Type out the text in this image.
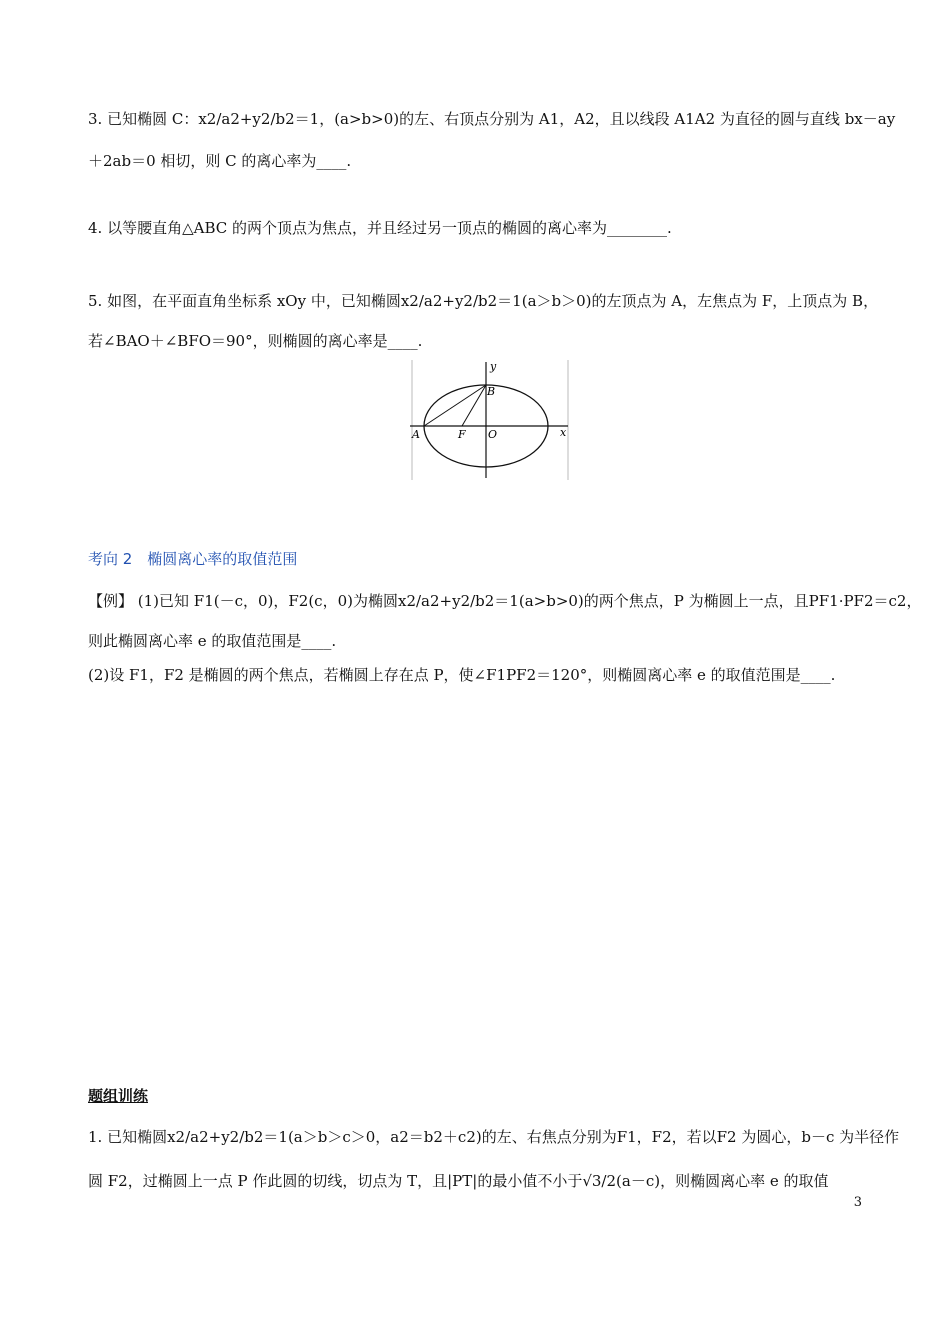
3. 已知椭圆 C：x2/a2+y2/b2＝1，(a>b>0)的左、右顶点分别为 A1，A2，且以线段 A1A2 为直径的圆与直线 bx－ay
＋2ab＝0 相切，则 C 的离心率为____.
4. 以等腰直角△ABC 的两个顶点为焦点，并且经过另一顶点的椭圆的离心率为________.
5. 如图，在平面直角坐标系 xOy 中，已知椭圆x2/a2+y2/b2＝1(a＞b＞0)的左顶点为 A，左焦点为 F，上顶点为 B，
若∠BAO＋∠BFO＝90°，则椭圆的离心率是____.
y
x
A	F O
B
考向 2　椭圆离心率的取值范围
【例】 (1)已知 F1(－c，0)，F2(c，0)为椭圆x2/a2+y2/b2＝1(a>b>0)的两个焦点，P 为椭圆上一点，且PF1·PF2＝c2，
则此椭圆离心率 e 的取值范围是____.
(2)设 F1，F2 是椭圆的两个焦点，若椭圆上存在点 P，使∠F1PF2＝120°，则椭圆离心率 e 的取值范围是____.
题组训练
1. 已知椭圆x2/a2+y2/b2＝1(a＞b＞c＞0，a2＝b2＋c2)的左、右焦点分别为F1，F2，若以F2 为圆心，b－c 为半径作
圆 F2，过椭圆上一点 P 作此圆的切线，切点为 T，且|PT|的最小值不小于√3/2(a－c)，则椭圆离心率 e 的取值
3
